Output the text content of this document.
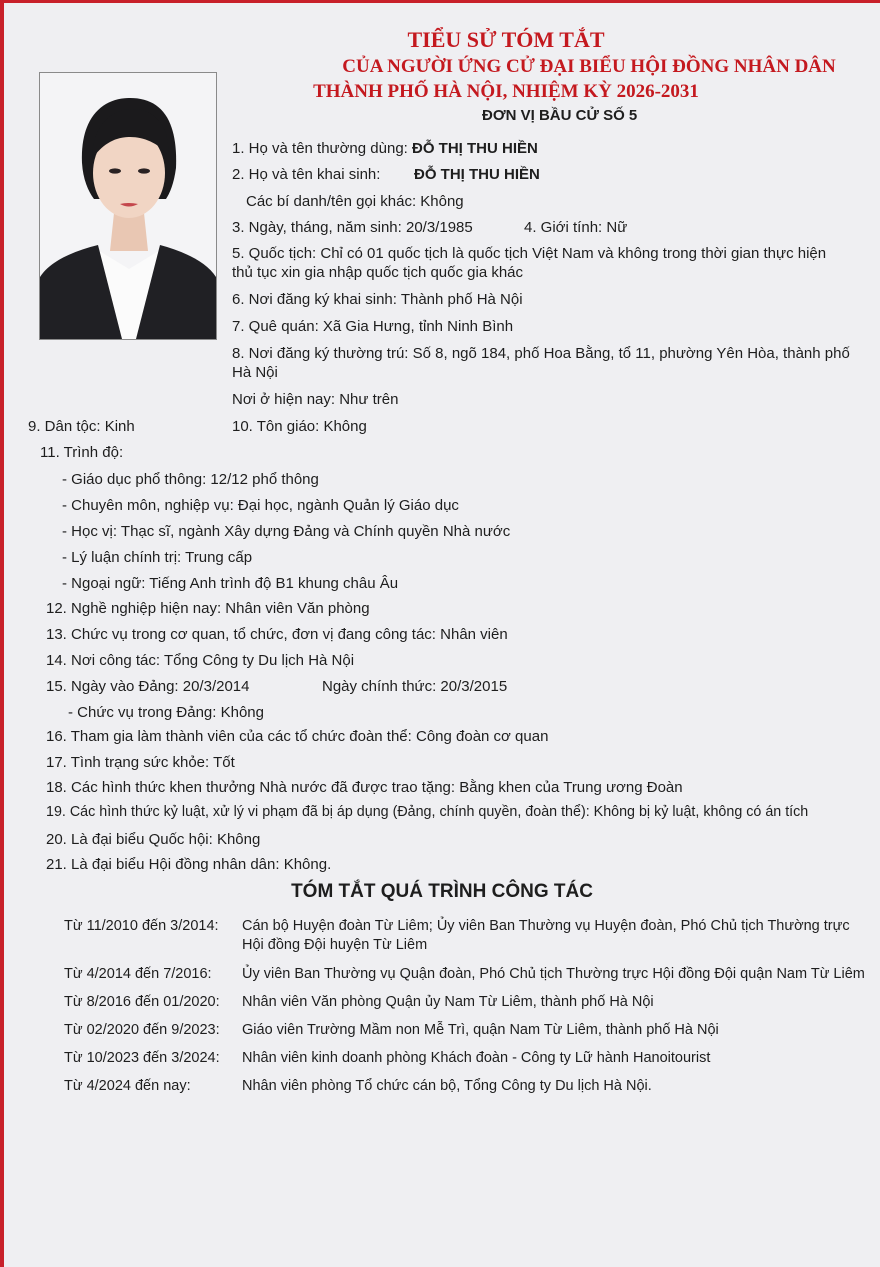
TIỂU SỬ TÓM TẮT
CỦA NGƯỜI ỨNG CỬ ĐẠI BIỂU HỘI ĐỒNG NHÂN DÂN
THÀNH PHỐ HÀ NỘI, NHIỆM KỲ 2026-2031
ĐƠN VỊ BẦU CỬ SỐ 5
1. Họ và tên thường dùng: ĐỖ THỊ THU HIỀN
2. Họ và tên khai sinh: ĐỖ THỊ THU HIỀN
Các bí danh/tên gọi khác: Không
3. Ngày, tháng, năm sinh: 20/3/1985	4. Giới tính: Nữ
5. Quốc tịch: Chỉ có 01 quốc tịch là quốc tịch Việt Nam và không trong thời gian thực hiện
thủ tục xin gia nhập quốc tịch quốc gia khác
6. Nơi đăng ký khai sinh: Thành phố Hà Nội
7. Quê quán: Xã Gia Hưng, tỉnh Ninh Bình
8. Nơi đăng ký thường trú: Số 8, ngõ 184, phố Hoa Bằng, tổ 11, phường Yên Hòa, thành phố
Hà Nội
Nơi ở hiện nay: Như trên
9. Dân tộc: Kinh	10. Tôn giáo: Không
11. Trình độ:
- Giáo dục phổ thông: 12/12 phổ thông
- Chuyên môn, nghiệp vụ: Đại học, ngành Quản lý Giáo dục
- Học vị: Thạc sĩ, ngành Xây dựng Đảng và Chính quyền Nhà nước
- Lý luận chính trị: Trung cấp
- Ngoại ngữ: Tiếng Anh trình độ B1 khung châu Âu
12. Nghề nghiệp hiện nay: Nhân viên Văn phòng
13. Chức vụ trong cơ quan, tổ chức, đơn vị đang công tác: Nhân viên
14. Nơi công tác: Tổng Công ty Du lịch Hà Nội
15. Ngày vào Đảng: 20/3/2014	Ngày chính thức: 20/3/2015
- Chức vụ trong Đảng: Không
16. Tham gia làm thành viên của các tổ chức đoàn thể: Công đoàn cơ quan
17. Tình trạng sức khỏe: Tốt
18. Các hình thức khen thưởng Nhà nước đã được trao tặng: Bằng khen của Trung ương Đoàn
19. Các hình thức kỷ luật, xử lý vi phạm đã bị áp dụng (Đảng, chính quyền, đoàn thể): Không bị kỷ luật, không có án tích
20. Là đại biểu Quốc hội: Không
21. Là đại biểu Hội đồng nhân dân: Không.
TÓM TẮT QUÁ TRÌNH CÔNG TÁC
Từ 11/2010 đến 3/2014: Cán bộ Huyện đoàn Từ Liêm; Ủy viên Ban Thường vụ Huyện đoàn, Phó Chủ tịch Thường trực
Hội đồng Đội huyện Từ Liêm
Từ 4/2014 đến 7/2016: Ủy viên Ban Thường vụ Quận đoàn, Phó Chủ tịch Thường trực Hội đồng Đội quận Nam Từ Liêm
Từ 8/2016 đến 01/2020: Nhân viên Văn phòng Quận ủy Nam Từ Liêm, thành phố Hà Nội
Từ 02/2020 đến 9/2023: Giáo viên Trường Mầm non Mễ Trì, quận Nam Từ Liêm, thành phố Hà Nội
Từ 10/2023 đến 3/2024: Nhân viên kinh doanh phòng Khách đoàn - Công ty Lữ hành Hanoitourist
Từ 4/2024 đến nay:	Nhân viên phòng Tổ chức cán bộ, Tổng Công ty Du lịch Hà Nội.
